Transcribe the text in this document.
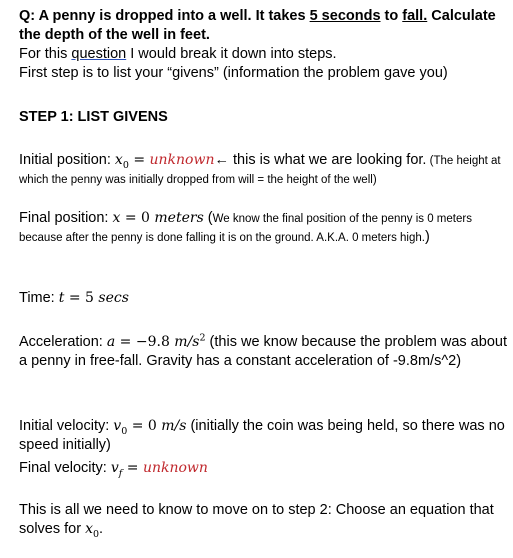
Q: A penny is dropped into a well. It takes 5 seconds to fall. Calculate the depth of the well in feet.

For this question I would break it down into steps.

First step is to list your “givens” (information the problem gave you)

STEP 1: LIST GIVENS

Initial position: $x_0$ = unknown← this is what we are looking for. (The height at which the penny was initially dropped from will = the height of the well)
Final position: x = 0 meters (We know the final position of the penny is 0 meters because after the penny is done falling it is on the ground. A.K.A. 0 meters high.)
Time: t = 5 secs
Acceleration: a = −9.8 $m/s^2$ (this we know because the problem was about a penny in free-fall. Gravity has a constant acceleration of -9.8m/s^2)
Initial velocity: $v_0 = 0$ m/s (initially the coin was being held, so there was no speed initially)
Final velocity: $v_f$ = unknown
This is all we need to know to move on to step 2: Choose an equation that solves for $x_0$.
